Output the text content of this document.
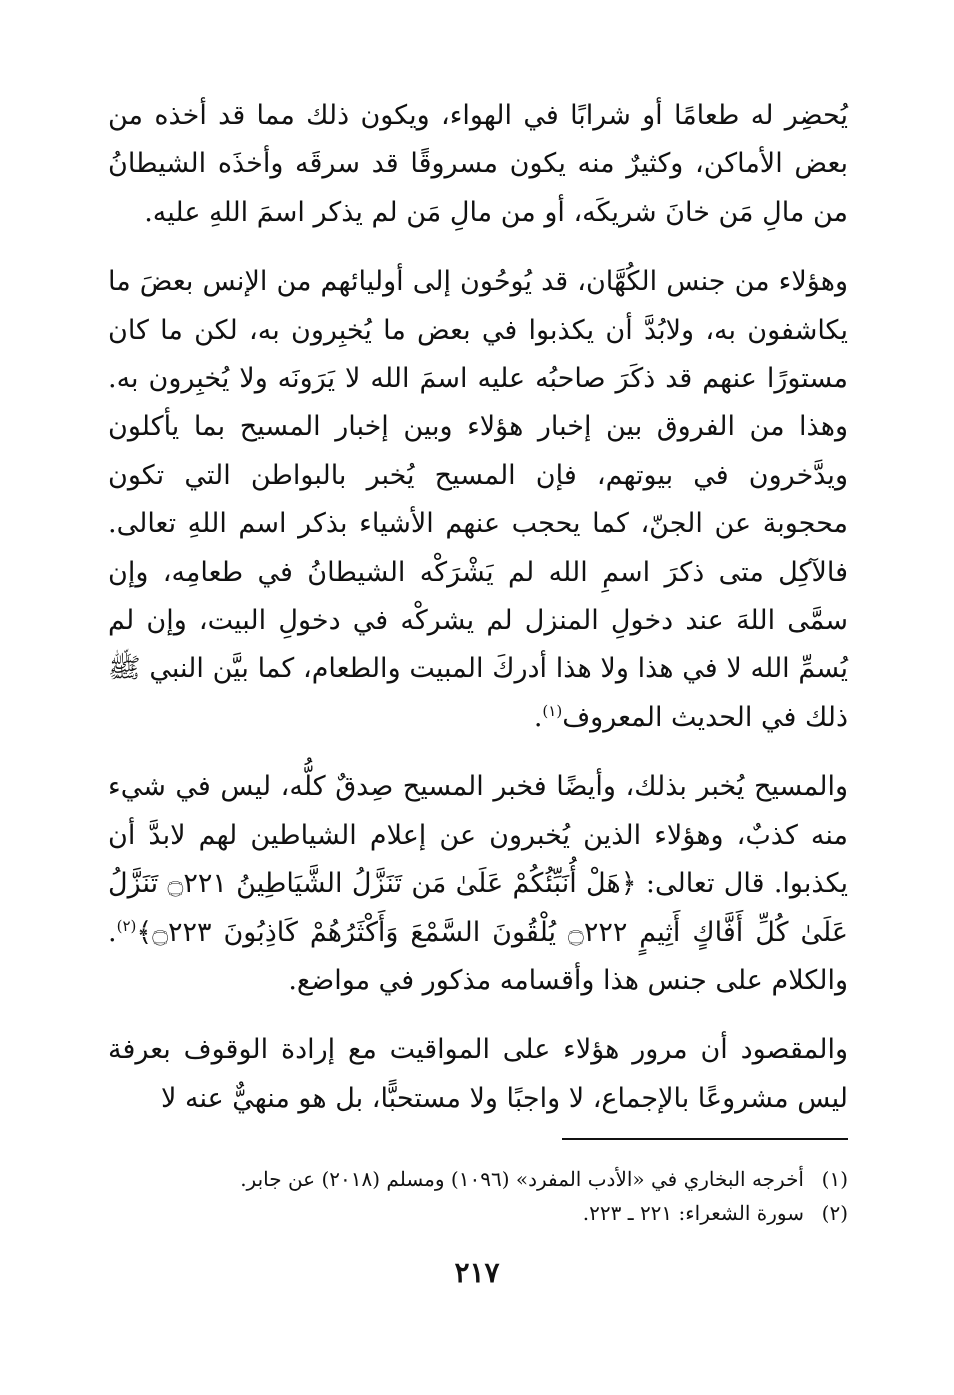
يُحضِر له طعامًا أو شرابًا في الهواء، ويكون ذلك مما قد أخذه من بعض الأماكن، وكثيرٌ منه يكون مسروقًا قد سرقَه وأخذَه الشيطانُ من مالِ مَن خانَ شريكَه، أو من مالِ مَن لم يذكر اسمَ اللهِ عليه.

وهؤلاء من جنس الكُهَّان، قد يُوحُون إلى أوليائهم من الإنس بعضَ ما يكاشفون به، ولابُدَّ أن يكذبوا في بعض ما يُخبِرون به، لكن ما كان مستورًا عنهم قد ذكَرَ صاحبُه عليه اسمَ الله لا يَرَونَه ولا يُخبِرون به. وهذا من الفروق بين إخبار هؤلاء وبين إخبار المسيح بما يأكلون ويدَّخرون في بيوتهم، فإن المسيح يُخبر بالبواطن التي تكون محجوبة عن الجنّ، كما يحجب عنهم الأشياء بذكر اسم اللهِ تعالى. فالآكِل متى ذكرَ اسمِ الله لم يَشْرَكْه الشيطانُ في طعامِه، وإن سمَّى اللهَ عند دخولِ المنزل لم يشركْه في دخولِ البيت، وإن لم يُسمِّ الله لا في هذا ولا هذا أدركَ المبيت والطعام، كما بيَّن النبي ﷺ ذلك في الحديث المعروف$^{(١)}$.

والمسيح يُخبر بذلك، وأيضًا فخبر المسيح صِدقٌ كلُّه، ليس في شيء منه كذبٌ، وهؤلاء الذين يُخبرون عن إعلام الشياطين لهم لابدَّ أن يكذبوا. قال تعالى: ﴿هَلْ أُنَبِّئُكُمْ عَلَىٰ مَن تَنَزَّلُ الشَّيَاطِينُ ۝٢٢١ تَنَزَّلُ عَلَىٰ كُلِّ أَفَّاكٍ أَثِيمٍ ۝٢٢٢ يُلْقُونَ السَّمْعَ وَأَكْثَرُهُمْ كَاذِبُونَ ۝٢٢٣﴾$^{(٢)}$. والكلام على جنس هذا وأقسامه مذكور في مواضع.

والمقصود أن مرور هؤلاء على المواقيت مع إرادة الوقوف بعرفة ليس مشروعًا بالإجماع، لا واجبًا ولا مستحبًّا، بل هو منهيٌّ عنه لا

(١)
أخرجه البخاري في «الأدب المفرد» (١٠٩٦) ومسلم (٢٠١٨) عن جابر.

(٢)
سورة الشعراء: ٢٢١ ـ ٢٢٣.

٢١٧
